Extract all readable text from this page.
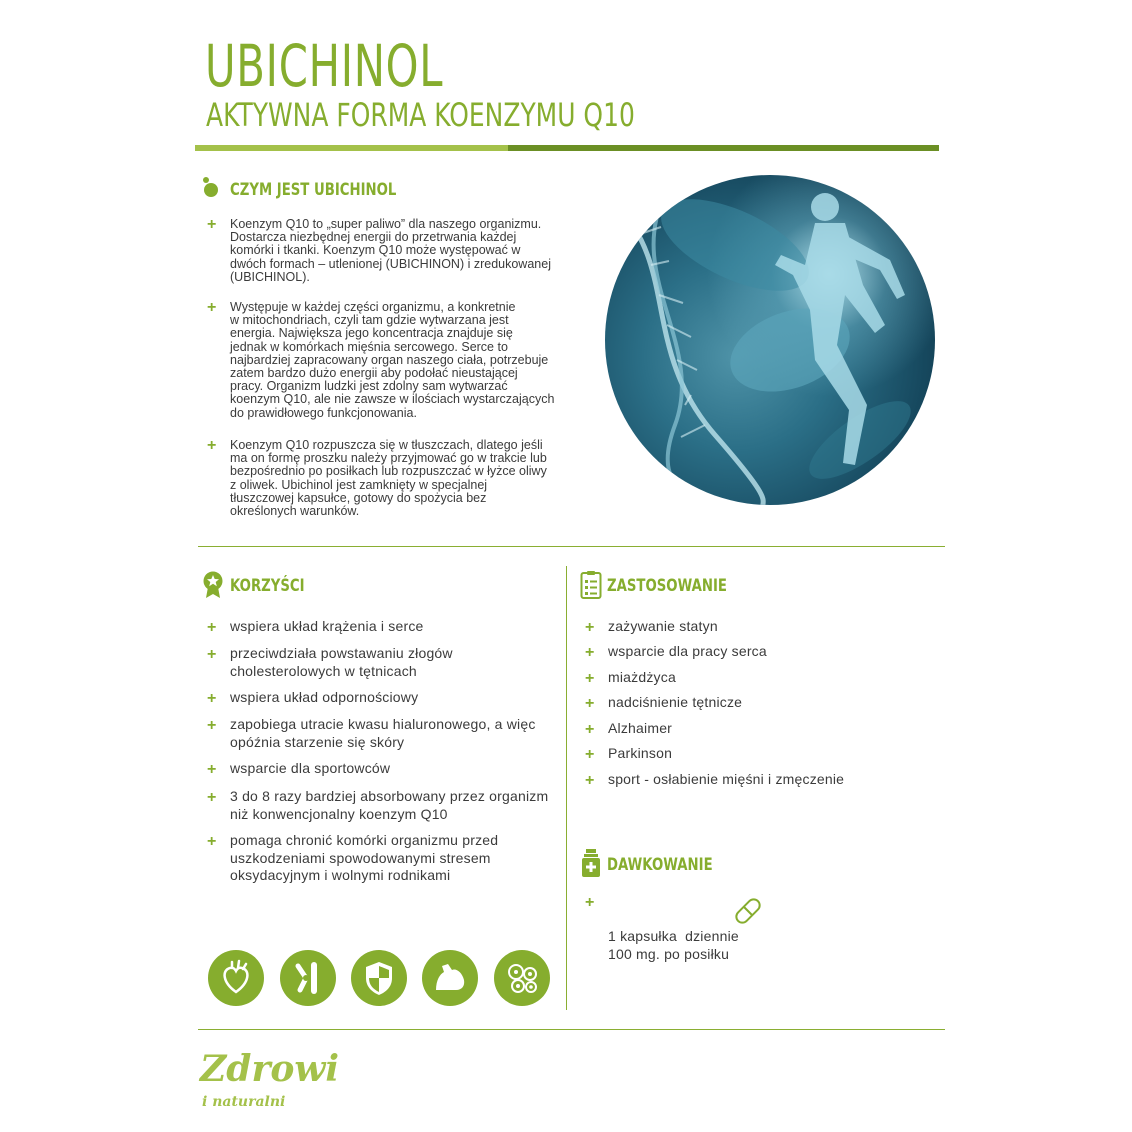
UBICHINOL
AKTYWNA FORMA KOENZYMU Q10
CZYM JEST UBICHINOL
+ Koenzym Q10 to „super paliwo” dla naszego organizmu.
Dostarcza niezbędnej energii do przetrwania każdej
komórki i tkanki. Koenzym Q10 może występować w
dwóch formach – utlenionej (UBICHINON) i zredukowanej
(UBICHINOL).
+ Występuje w każdej części organizmu, a konkretnie
w mitochondriach, czyli tam gdzie wytwarzana jest
energia. Największa jego koncentracja znajduje się
jednak w komórkach mięśnia sercowego. Serce to
najbardziej zapracowany organ naszego ciała, potrzebuje
zatem bardzo dużo energii aby podołać nieustającej
pracy. Organizm ludzki jest zdolny sam wytwarzać
koenzym Q10, ale nie zawsze w ilościach wystarczających
do prawidłowego funkcjonowania.
+ Koenzym Q10 rozpuszcza się w tłuszczach, dlatego jeśli
ma on formę proszku należy przyjmować go w trakcie lub
bezpośrednio po posiłkach lub rozpuszczać w łyżce oliwy
z oliwek. Ubichinol jest zamknięty w specjalnej
tłuszczowej kapsułce, gotowy do spożycia bez
określonych warunków.
KORZYŚCI
+ wspiera układ krążenia i serce
+ przeciwdziała powstawaniu złogów
cholesterolowych w tętnicach
+ wspiera układ odpornościowy
+ zapobiega utracie kwasu hialuronowego, a więc
opóźnia starzenie się skóry
+ wsparcie dla sportowców
+ 3 do 8 razy bardziej absorbowany przez organizm
niż konwencjonalny koenzym Q10
+ pomaga chronić komórki organizmu przed
uszkodzeniami spowodowanymi stresem
oksydacyjnym i wolnymi rodnikami
ZASTOSOWANIE
+ zażywanie statyn
+ wsparcie dla pracy serca
+ miażdżyca
+ nadciśnienie tętnicze
+ Alzhaimer
+ Parkinson
+ sport - osłabienie mięśni i zmęczenie
DAWKOWANIE
+

1 kapsułka  dziennie
100 mg. po posiłku

Zdrowi
i naturalni
